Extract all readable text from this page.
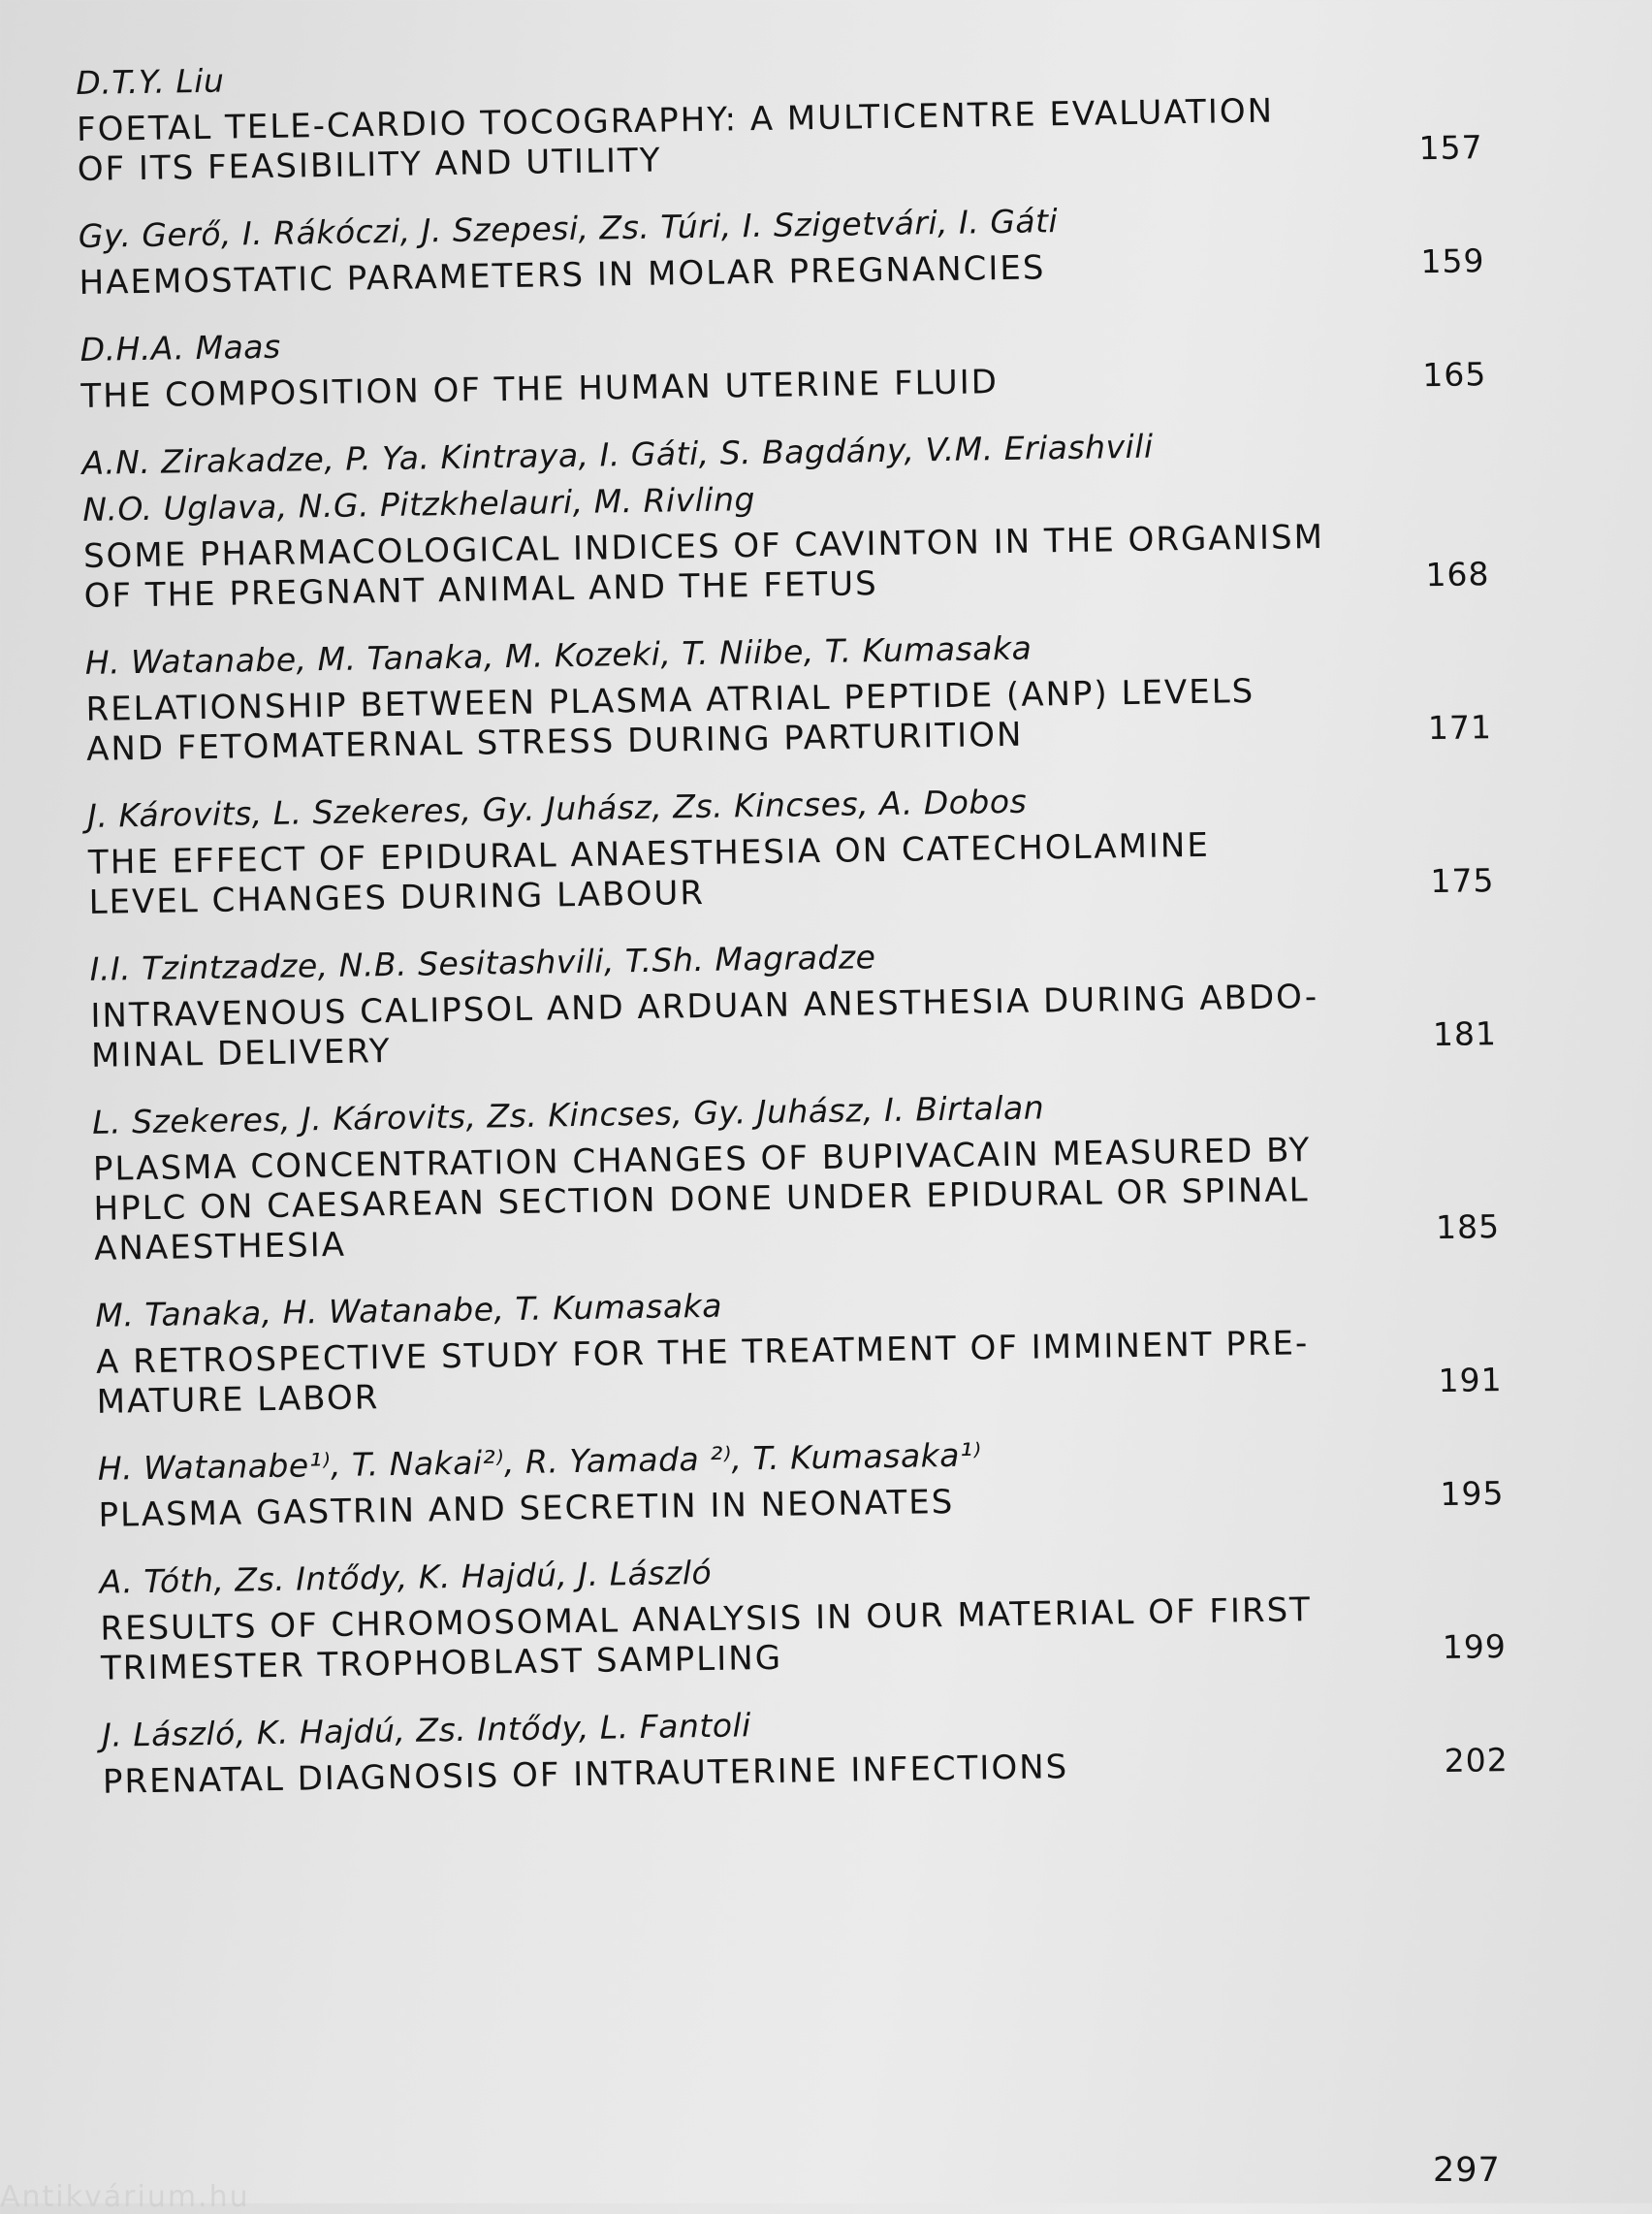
D.T.Y. Liu
FOETAL TELE-CARDIO TOCOGRAPHY: A MULTICENTRE EVALUATION
OF ITS FEASIBILITY AND UTILITY	157
Gy. Gerő, I. Rákóczi, J. Szepesi, Zs. Túri, I. Szigetvári, I. Gáti
HAEMOSTATIC PARAMETERS IN MOLAR PREGNANCIES	159
D.H.A. Maas
THE COMPOSITION OF THE HUMAN UTERINE FLUID	165
A.N. Zirakadze, P. Ya. Kintraya, I. Gáti, S. Bagdány, V.M. Eriashvili
N.O. Uglava, N.G. Pitzkhelauri, M. Rivling
SOME PHARMACOLOGICAL INDICES OF CAVINTON IN THE ORGANISM
OF THE PREGNANT ANIMAL AND THE FETUS	168
H. Watanabe, M. Tanaka, M. Kozeki, T. Niibe, T. Kumasaka
RELATIONSHIP BETWEEN PLASMA ATRIAL PEPTIDE (ANP) LEVELS
AND FETOMATERNAL STRESS DURING PARTURITION	171
J. Károvits, L. Szekeres, Gy. Juhász, Zs. Kincses, A. Dobos
THE EFFECT OF EPIDURAL ANAESTHESIA ON CATECHOLAMINE
LEVEL CHANGES DURING LABOUR	175
I.I. Tzintzadze, N.B. Sesitashvili, T.Sh. Magradze
INTRAVENOUS CALIPSOL AND ARDUAN ANESTHESIA DURING ABDO-
MINAL DELIVERY	181
L. Szekeres, J. Károvits, Zs. Kincses, Gy. Juhász, I. Birtalan
PLASMA CONCENTRATION CHANGES OF BUPIVACAIN MEASURED BY
HPLC ON CAESAREAN SECTION DONE UNDER EPIDURAL OR SPINAL
ANAESTHESIA	185
M. Tanaka, H. Watanabe, T. Kumasaka
A RETROSPECTIVE STUDY FOR THE TREATMENT OF IMMINENT PRE-
MATURE LABOR	191
H. Watanabe¹⁾, T. Nakai²⁾, R. Yamada ²⁾, T. Kumasaka¹⁾
PLASMA GASTRIN AND SECRETIN IN NEONATES	195
A. Tóth, Zs. Intődy, K. Hajdú, J. László
RESULTS OF CHROMOSOMAL ANALYSIS IN OUR MATERIAL OF FIRST
TRIMESTER TROPHOBLAST SAMPLING	199
J. László, K. Hajdú, Zs. Intődy, L. Fantoli
PRENATAL DIAGNOSIS OF INTRAUTERINE INFECTIONS	202
297
Antikvárium.hu
